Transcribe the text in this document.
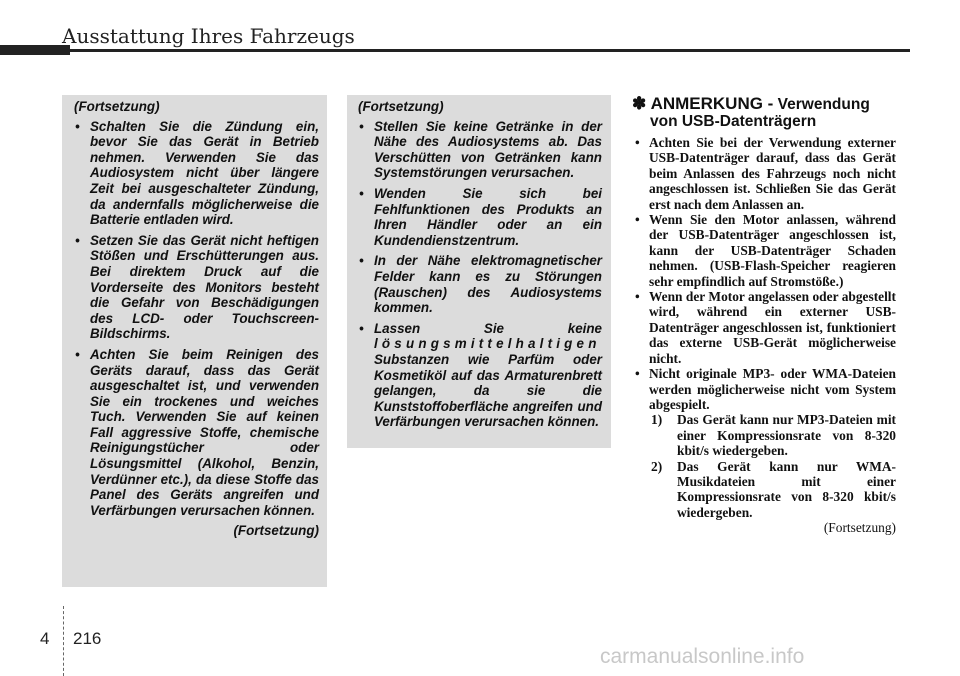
Ausstattung Ihres Fahrzeugs
(Fortsetzung)
• Schalten Sie die Zündung ein, bevor Sie das Gerät in Betrieb nehmen. Verwenden Sie das Audiosystem nicht über längere Zeit bei ausgeschalteter Zündung, da andernfalls möglicherweise die Batterie entladen wird.
• Setzen Sie das Gerät nicht heftigen Stößen und Erschütterungen aus. Bei direktem Druck auf die Vorderseite des Monitors besteht die Gefahr von Beschädigungen des LCD- oder Touchscreen-Bildschirms.
• Achten Sie beim Reinigen des Geräts darauf, dass das Gerät ausgeschaltet ist, und verwenden Sie ein trockenes und weiches Tuch. Verwenden Sie auf keinen Fall aggressive Stoffe, chemische Reinigungstücher oder Lösungsmittel (Alkohol, Benzin, Verdünner etc.), da diese Stoffe das Panel des Geräts angreifen und Verfärbungen verursachen können.
(Fortsetzung)
(Fortsetzung)
• Stellen Sie keine Getränke in der Nähe des Audiosystems ab. Das Verschütten von Getränken kann Systemstörungen verursachen.
• Wenden Sie sich bei Fehlfunktionen des Produkts an Ihren Händler oder an ein Kundendienstzentrum.
• In der Nähe elektromagnetischer Felder kann es zu Störungen (Rauschen) des Audiosystems kommen.
• Lassen Sie keine lösungsmittelhaltigen Substanzen wie Parfüm oder Kosmetiköl auf das Armaturenbrett gelangen, da sie die Kunststoffoberfläche angreifen und Verfärbungen verursachen können.
✽ ANMERKUNG - Verwendung
von USB-Datenträgern
• Achten Sie bei der Verwendung externer USB-Datenträger darauf, dass das Gerät beim Anlassen des Fahrzeugs noch nicht angeschlossen ist. Schließen Sie das Gerät erst nach dem Anlassen an.
• Wenn Sie den Motor anlassen, während der USB-Datenträger angeschlossen ist, kann der USB-Datenträger Schaden nehmen. (USB-Flash-Speicher reagieren sehr empfindlich auf Stromstöße.)
• Wenn der Motor angelassen oder abgestellt wird, während ein externer USB-Datenträger angeschlossen ist, funktioniert das externe USB-Gerät möglicherweise nicht.
• Nicht originale MP3- oder WMA-Dateien werden möglicherweise nicht vom System abgespielt.
1) Das Gerät kann nur MP3-Dateien mit einer Kompressionsrate von 8-320 kbit/s wiedergeben.
2) Das Gerät kann nur WMA-Musikdateien mit einer Kompressionsrate von 8-320 kbit/s wiedergeben.
(Fortsetzung)
4 216
carmanualsonline.info
